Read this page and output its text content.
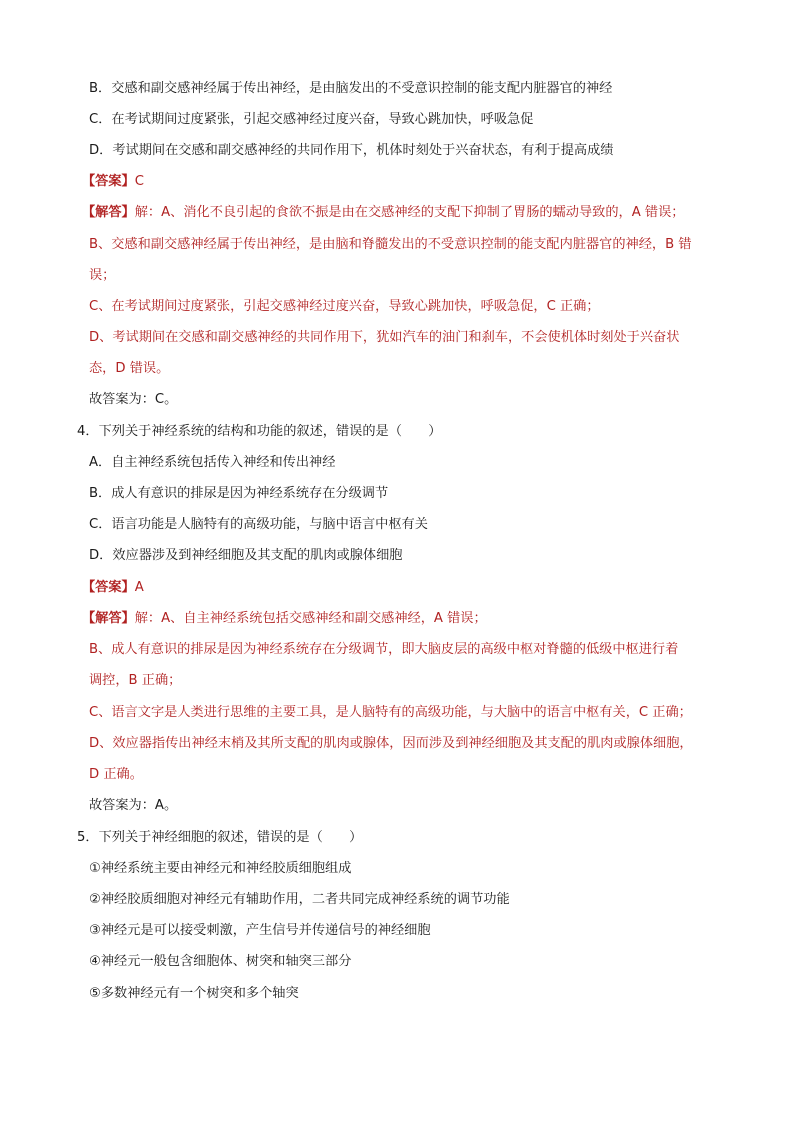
B．交感和副交感神经属于传出神经，是由脑发出的不受意识控制的能支配内脏器官的神经
C．在考试期间过度紧张，引起交感神经过度兴奋，导致心跳加快，呼吸急促
D．考试期间在交感和副交感神经的共同作用下，机体时刻处于兴奋状态，有利于提高成绩
【答案】C
【解答】解：A、消化不良引起的食欲不振是由在交感神经的支配下抑制了胃肠的蠕动导致的，A 错误；
B、交感和副交感神经属于传出神经，是由脑和脊髓发出的不受意识控制的能支配内脏器官的神经，B 错
误；
C、在考试期间过度紧张，引起交感神经过度兴奋，导致心跳加快，呼吸急促，C 正确；
D、考试期间在交感和副交感神经的共同作用下，犹如汽车的油门和刹车，不会使机体时刻处于兴奋状
态，D 错误。
故答案为：C。
4．下列关于神经系统的结构和功能的叙述，错误的是（　　）
A．自主神经系统包括传入神经和传出神经
B．成人有意识的排尿是因为神经系统存在分级调节
C．语言功能是人脑特有的高级功能，与脑中语言中枢有关
D．效应器涉及到神经细胞及其支配的肌肉或腺体细胞
【答案】A
【解答】解：A、自主神经系统包括交感神经和副交感神经，A 错误；
B、成人有意识的排尿是因为神经系统存在分级调节，即大脑皮层的高级中枢对脊髓的低级中枢进行着
调控，B 正确；
C、语言文字是人类进行思维的主要工具，是人脑特有的高级功能，与大脑中的语言中枢有关，C 正确；
D、效应器指传出神经末梢及其所支配的肌肉或腺体，因而涉及到神经细胞及其支配的肌肉或腺体细胞，
D 正确。
故答案为：A。
5．下列关于神经细胞的叙述，错误的是（　　）
①神经系统主要由神经元和神经胶质细胞组成
②神经胶质细胞对神经元有辅助作用，二者共同完成神经系统的调节功能
③神经元是可以接受刺激，产生信号并传递信号的神经细胞
④神经元一般包含细胞体、树突和轴突三部分
⑤多数神经元有一个树突和多个轴突
